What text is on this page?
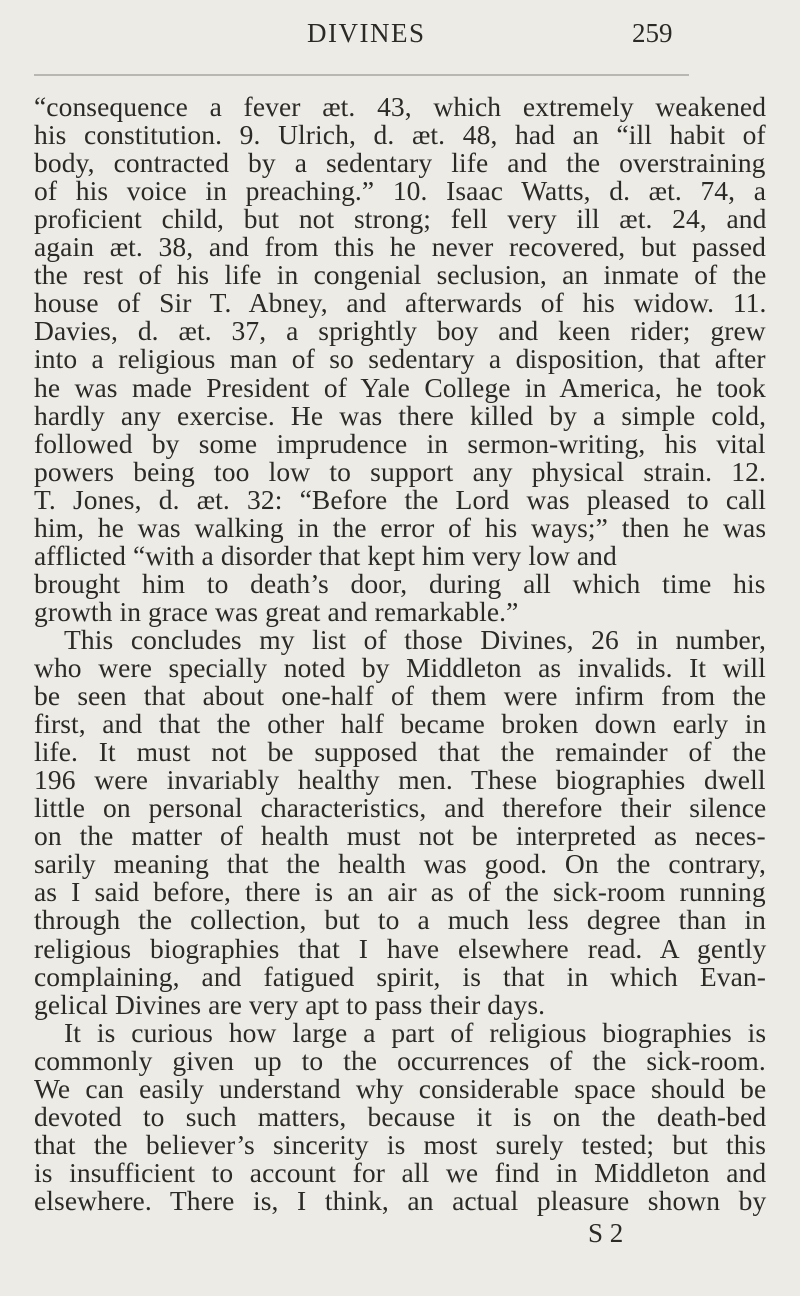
DIVINES	259
“consequence a fever æt. 43, which extremely weakened
his constitution. 9. Ulrich, d. æt. 48, had an “ill habit of
body, contracted by a sedentary life and the overstraining
of his voice in preaching.” 10. Isaac Watts, d. æt. 74, a
proficient child, but not strong; fell very ill æt. 24, and
again æt. 38, and from this he never recovered, but passed
the rest of his life in congenial seclusion, an inmate of the
house of Sir T. Abney, and afterwards of his widow. 11.
Davies, d. æt. 37, a sprightly boy and keen rider; grew
into a religious man of so sedentary a disposition, that after
he was made President of Yale College in America, he took
hardly any exercise. He was there killed by a simple cold,
followed by some imprudence in sermon-writing, his vital
powers being too low to support any physical strain. 12.
T. Jones, d. æt. 32: “Before the Lord was pleased to call
him, he was walking in the error of his ways;” then he was
afflicted “with a disorder that kept him very low and
brought him to death’s door, during all which time his
growth in grace was great and remarkable.”
This concludes my list of those Divines, 26 in number,
who were specially noted by Middleton as invalids. It will
be seen that about one-half of them were infirm from the
first, and that the other half became broken down early in
life. It must not be supposed that the remainder of the
196 were invariably healthy men. These biographies dwell
little on personal characteristics, and therefore their silence
on the matter of health must not be interpreted as neces-
sarily meaning that the health was good. On the contrary,
as I said before, there is an air as of the sick-room running
through the collection, but to a much less degree than in
religious biographies that I have elsewhere read. A gently
complaining, and fatigued spirit, is that in which Evan-
gelical Divines are very apt to pass their days.
It is curious how large a part of religious biographies is
commonly given up to the occurrences of the sick-room.
We can easily understand why considerable space should be
devoted to such matters, because it is on the death-bed
that the believer’s sincerity is most surely tested; but this
is insufficient to account for all we find in Middleton and
elsewhere. There is, I think, an actual pleasure shown by
S 2
